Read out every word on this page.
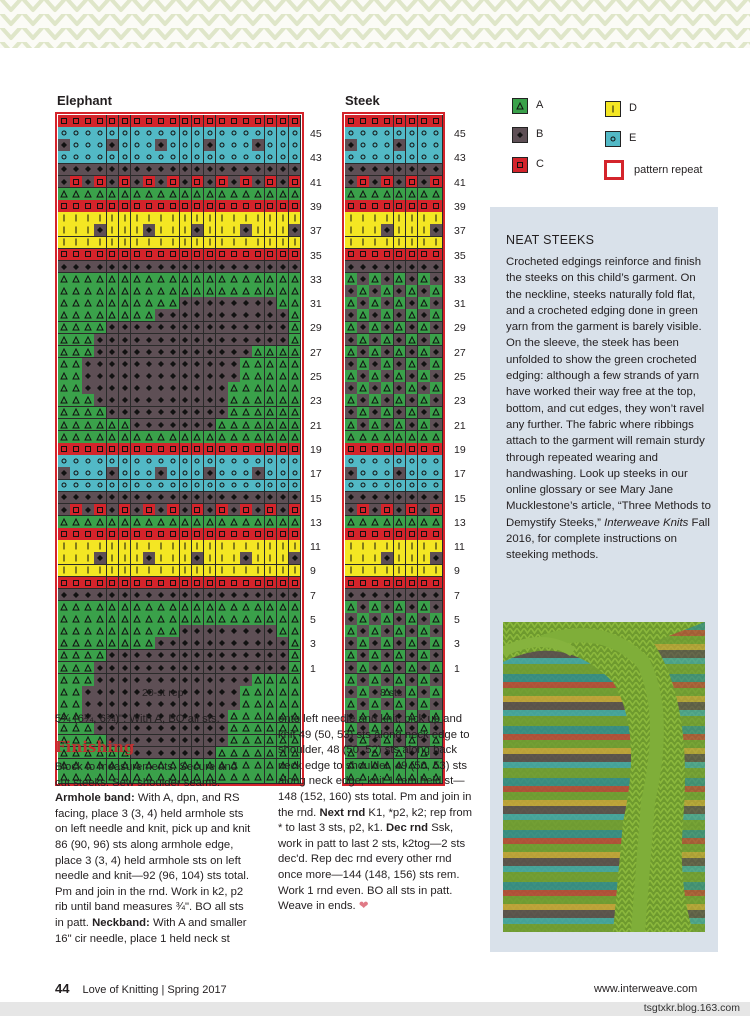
Elephant	Steek
45	45
43	43
41	41
39	39
37	37
35	35
33	33
31	31
29	29
27	27
25	25
23	23
21	21
19	19
17	17
15	15
13	13
11	11
9	9
7	7
5	5
3	3
1	1
20-st rep	8 sts
A
B
C
D
E
pattern repeat
NEAT STEEKS
Crocheted edgings reinforce and finish the steeks on this child’s garment. On the neckline, steeks naturally fold flat, and a crocheted edging done in green yarn from the garment is barely visible. On the sleeve, the steek has been unfolded to show the green crocheted edging: although a few strands of yarn have worked their way free at the top, bottom, and cut edges, they won’t ravel any further. The fabric where ribbings attach to the garment will remain sturdy through repeated wearing and handwashing. Look up steeks in our online glossary or see Mary Jane Mucklestone’s article, “Three Methods to Demystify Steeks,” Interweave Knits Fall 2016, for complete instructions on steeking methods.
5¾ (6¼, 6¾)". With A, BO all sts.
Finishing
Block to measurements. Secure and cut steeks. Sew shoulder seams. Armhole band: With A, dpn, and RS facing, place 3 (3, 4) held armhole sts on left needle and knit, pick up and knit 86 (90, 96) sts along armhole edge, place 3 (3, 4) held armhole sts on left needle and knit—92 (96, 104) sts total. Pm and join in the rnd. Work in k2, p2 rib until band measures ¾". BO all sts in patt. Neckband: With A and smaller 16" cir needle, place 1 held neck st
onto left needle and knit, pick up and knit 49 (50, 53) sts along neck edge to shoulder, 48 (50, 52) sts along back neck edge to shoulder, 49 (50, 53) sts along neck edge, knit 1 rem held st—148 (152, 160) sts total. Pm and join in the rnd. Next rnd K1, *p2, k2; rep from * to last 3 sts, p2, k1. Dec rnd Ssk, work in patt to last 2 sts, k2tog—2 sts dec'd. Rep dec rnd every other rnd once more—144 (148, 156) sts rem. Work 1 rnd even. BO all sts in patt. Weave in ends. ❤
44 Love of Knitting | Spring 2017	www.interweave.com
tsgtxkr.blog.163.com
